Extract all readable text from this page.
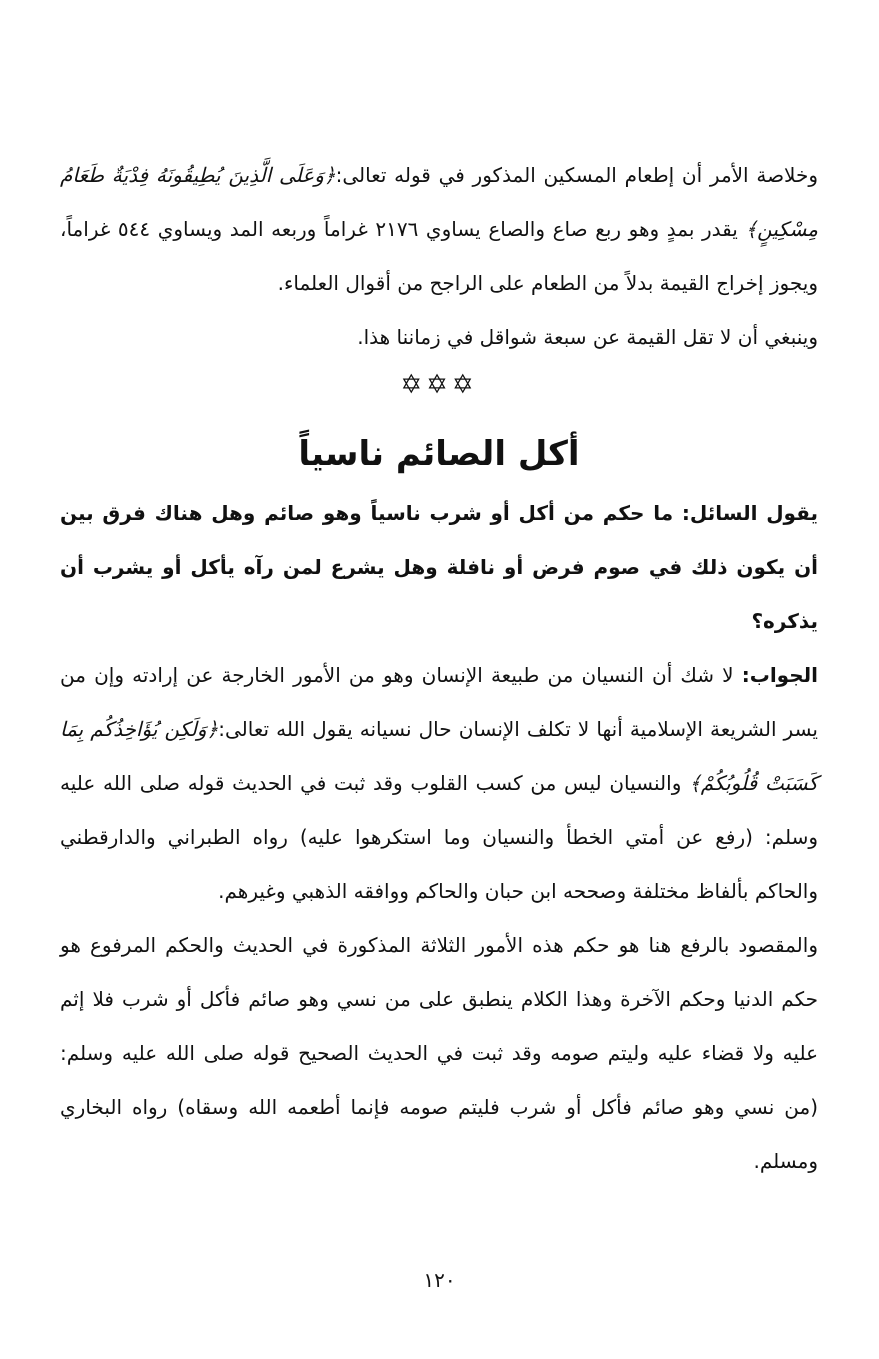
وخلاصة الأمر أن إطعام المسكين المذكور في قوله تعالى:﴿وَعَلَى الَّذِينَ يُطِيقُونَهُ فِدْيَةٌ طَعَامُ مِسْكِينٍ﴾ يقدر بمدٍ وهو ربع صاع والصاع يساوي ٢١٧٦ غراماً وربعه المد ويساوي ٥٤٤ غراماً، ويجوز إخراج القيمة بدلاً من الطعام على الراجح من أقوال العلماء.

وينبغي أن لا تقل القيمة عن سبعة شواقل في زماننا هذا.

✡✡✡
أكل الصائم ناسياً

يقول السائل: ما حكم من أكل أو شرب ناسياً وهو صائم وهل هناك فرق بين أن يكون ذلك في صوم فرض أو نافلة وهل يشرع لمن رآه يأكل أو يشرب أن يذكره؟

الجواب: لا شك أن النسيان من طبيعة الإنسان وهو من الأمور الخارجة عن إرادته وإن من يسر الشريعة الإسلامية أنها لا تكلف الإنسان حال نسيانه يقول الله تعالى:﴿وَلَكِن يُؤَاخِذُكُم بِمَا كَسَبَتْ قُلُوبُكُمْ﴾ والنسيان ليس من كسب القلوب وقد ثبت في الحديث قوله صلى الله عليه وسلم: (رفع عن أمتي الخطأ والنسيان وما استكرهوا عليه) رواه الطبراني والدارقطني والحاكم بألفاظ مختلفة وصححه ابن حبان والحاكم ووافقه الذهبي وغيرهم.

والمقصود بالرفع هنا هو حكم هذه الأمور الثلاثة المذكورة في الحديث والحكم المرفوع هو حكم الدنيا وحكم الآخرة وهذا الكلام ينطبق على من نسي وهو صائم فأكل أو شرب فلا إثم عليه ولا قضاء عليه وليتم صومه وقد ثبت في الحديث الصحيح قوله صلى الله عليه وسلم: (من نسي وهو صائم فأكل أو شرب فليتم صومه فإنما أطعمه الله وسقاه) رواه البخاري ومسلم.

١٢٠
